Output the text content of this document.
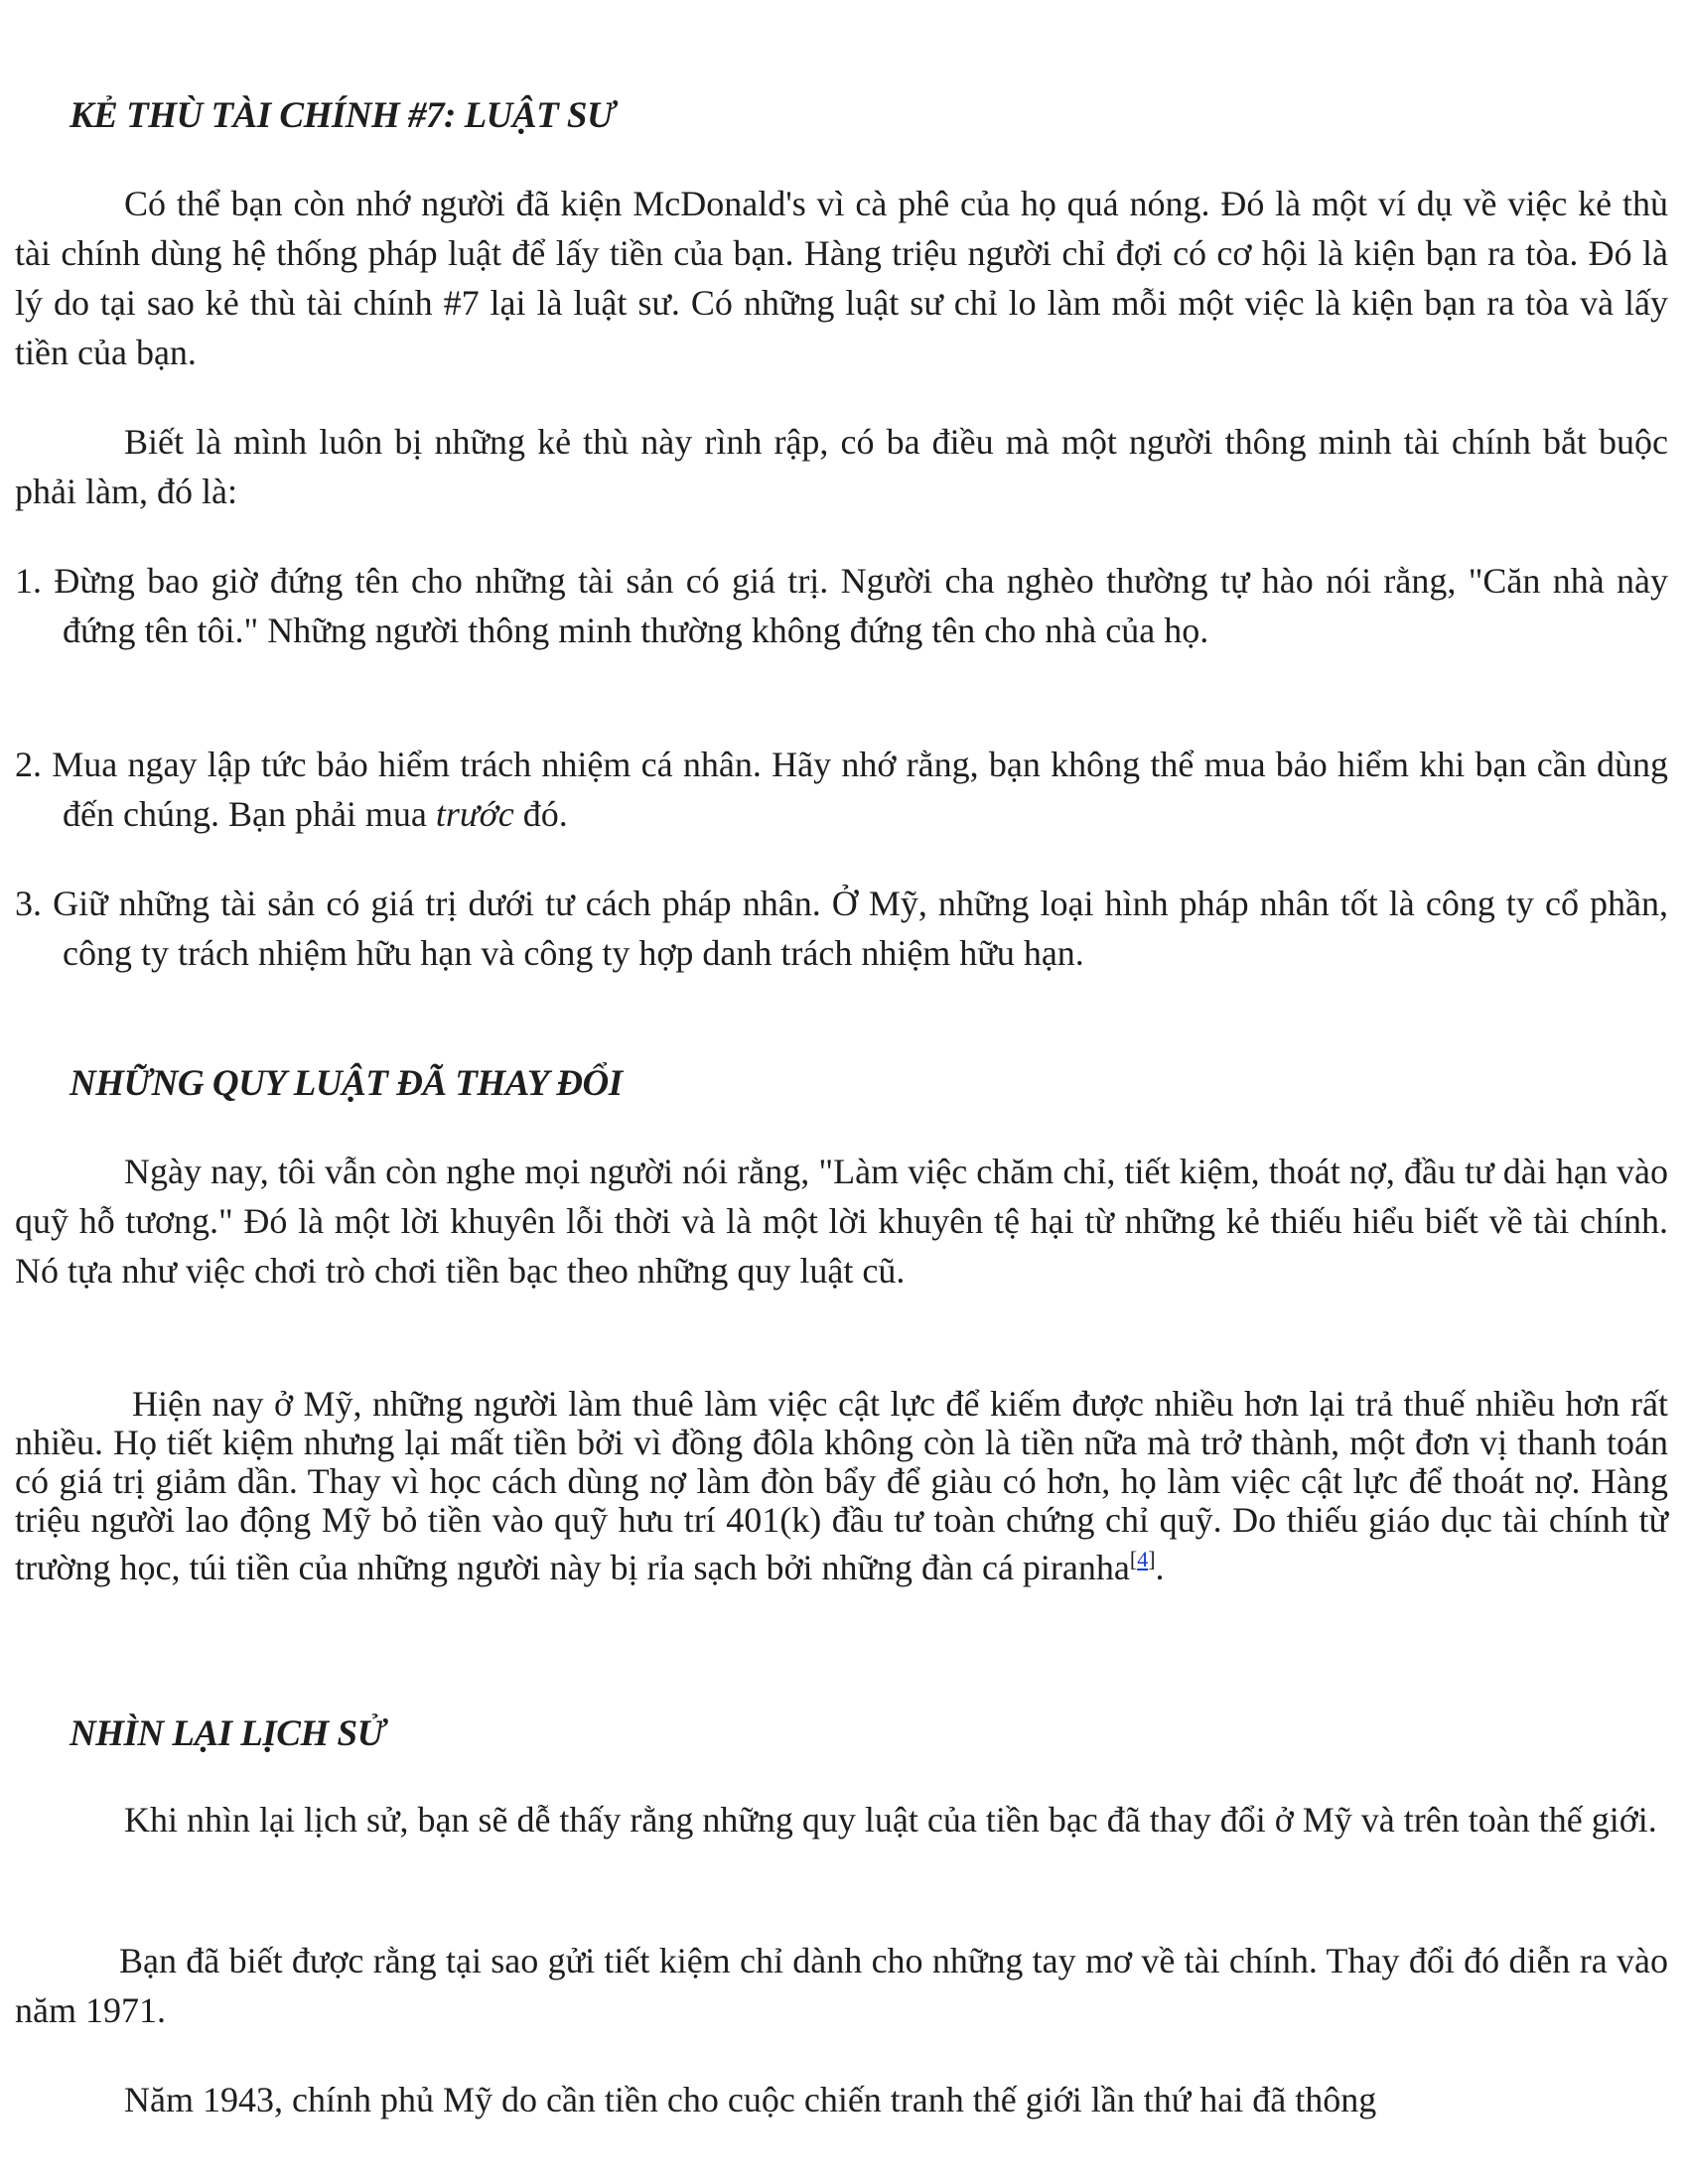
KẺ THÙ TÀI CHÍNH #7: LUẬT SƯ

Có thể bạn còn nhớ người đã kiện McDonald's vì cà phê của họ quá nóng. Đó là một ví dụ về việc kẻ thù tài chính dùng hệ thống pháp luật để lấy tiền của bạn. Hàng triệu người chỉ đợi có cơ hội là kiện bạn ra tòa. Đó là lý do tại sao kẻ thù tài chính #7 lại là luật sư. Có những luật sư chỉ lo làm mỗi một việc là kiện bạn ra tòa và lấy tiền của bạn.

Biết là mình luôn bị những kẻ thù này rình rập, có ba điều mà một người thông minh tài chính bắt buộc phải làm, đó là:

1. Đừng bao giờ đứng tên cho những tài sản có giá trị. Người cha nghèo thường tự hào nói rằng, "Căn nhà này đứng tên tôi." Những người thông minh thường không đứng tên cho nhà của họ.

2. Mua ngay lập tức bảo hiểm trách nhiệm cá nhân. Hãy nhớ rằng, bạn không thể mua bảo hiểm khi bạn cần dùng đến chúng. Bạn phải mua trước đó.

3. Giữ những tài sản có giá trị dưới tư cách pháp nhân. Ở Mỹ, những loại hình pháp nhân tốt là công ty cổ phần, công ty trách nhiệm hữu hạn và công ty hợp danh trách nhiệm hữu hạn.

NHỮNG QUY LUẬT ĐÃ THAY ĐỔI

Ngày nay, tôi vẫn còn nghe mọi người nói rằng, "Làm việc chăm chỉ, tiết kiệm, thoát nợ, đầu tư dài hạn vào quỹ hỗ tương." Đó là một lời khuyên lỗi thời và là một lời khuyên tệ hại từ những kẻ thiếu hiểu biết về tài chính. Nó tựa như việc chơi trò chơi tiền bạc theo những quy luật cũ.

Hiện nay ở Mỹ, những người làm thuê làm việc cật lực để kiếm được nhiều hơn lại trả thuế nhiều hơn rất nhiều. Họ tiết kiệm nhưng lại mất tiền bởi vì đồng đôla không còn là tiền nữa mà trở thành, một đơn vị thanh toán có giá trị giảm dần. Thay vì học cách dùng nợ làm đòn bẩy để giàu có hơn, họ làm việc cật lực để thoát nợ. Hàng triệu người lao động Mỹ bỏ tiền vào quỹ hưu trí 401(k) đầu tư toàn chứng chỉ quỹ. Do thiếu giáo dục tài chính từ trường học, túi tiền của những người này bị rỉa sạch bởi những đàn cá piranha[4].

NHÌN LẠI LỊCH SỬ

Khi nhìn lại lịch sử, bạn sẽ dễ thấy rằng những quy luật của tiền bạc đã thay đổi ở Mỹ và trên toàn thế giới.

Bạn đã biết được rằng tại sao gửi tiết kiệm chỉ dành cho những tay mơ về tài chính. Thay đổi đó diễn ra vào năm 1971.

Năm 1943, chính phủ Mỹ do cần tiền cho cuộc chiến tranh thế giới lần thứ hai đã thông
